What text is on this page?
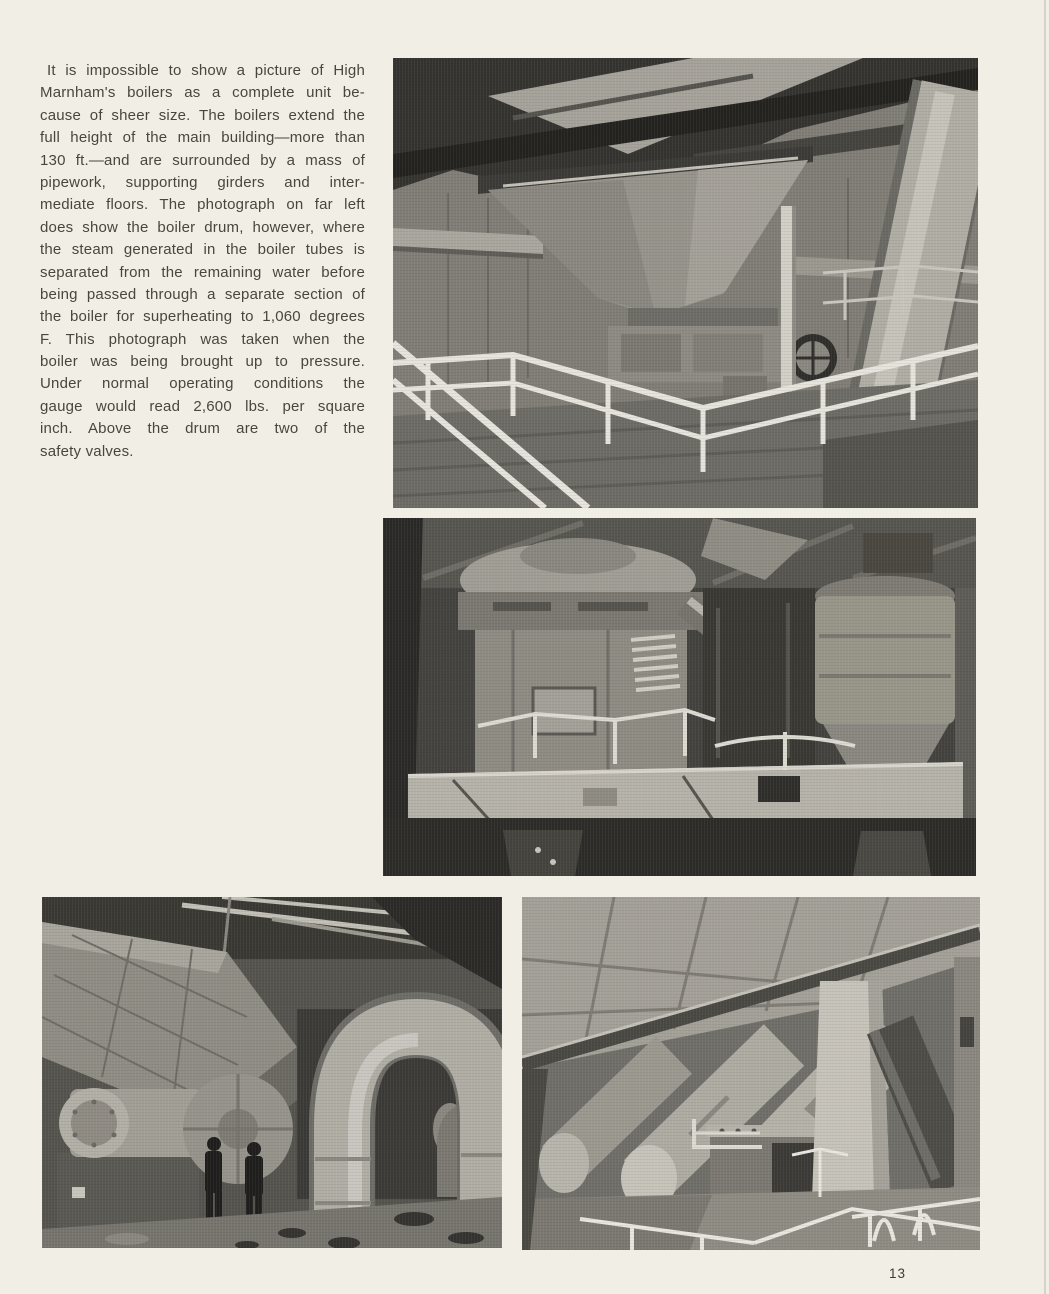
It is impossible to show a picture of High
Marnham's boilers as a complete unit be-
cause of sheer size. The boilers extend the
full height of the main building—more than
130 ft.—and are surrounded by a mass of
pipework, supporting girders and inter-
mediate floors. The photograph on far left
does show the boiler drum, however, where
the steam generated in the boiler tubes is
separated from the remaining water before
being passed through a separate section of
the boiler for superheating to 1,060 degrees
F. This photograph was taken when the
boiler was being brought up to pressure.
Under normal operating conditions the
gauge would read 2,600 lbs. per square
inch. Above the drum are two of the
safety valves.
13
